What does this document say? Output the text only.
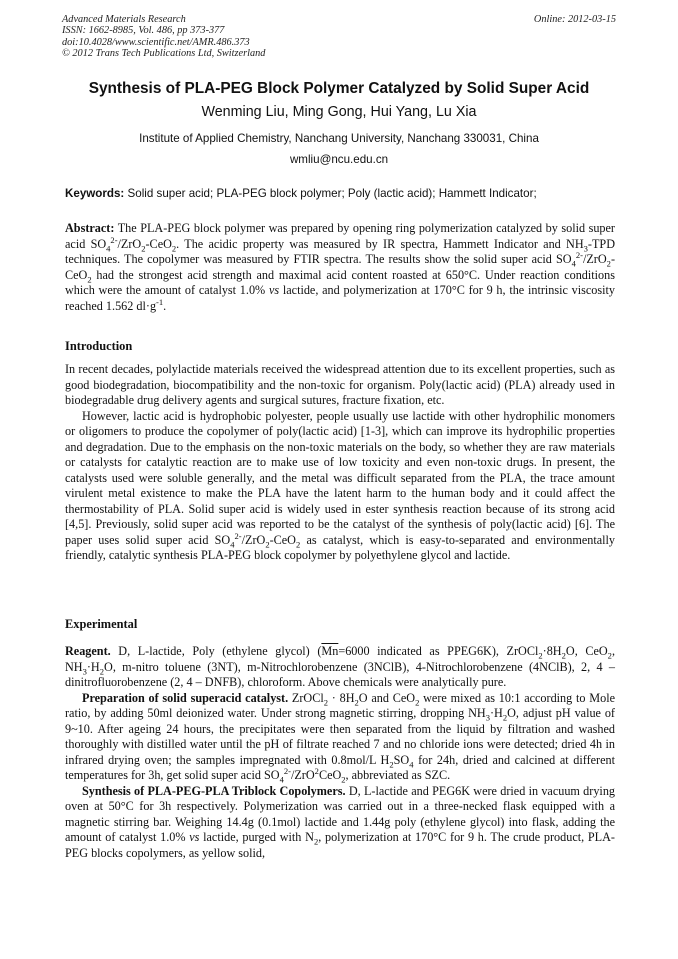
Advanced Materials Research	Online: 2012-03-15
ISSN: 1662-8985, Vol. 486, pp 373-377
doi:10.4028/www.scientific.net/AMR.486.373
© 2012 Trans Tech Publications Ltd, Switzerland
Synthesis of PLA-PEG Block Polymer Catalyzed by Solid Super Acid
Wenming Liu, Ming Gong, Hui Yang, Lu Xia
Institute of Applied Chemistry, Nanchang University, Nanchang 330031, China
wmliu@ncu.edu.cn
Keywords: Solid super acid; PLA-PEG block polymer; Poly (lactic acid); Hammett Indicator;

Abstract: The PLA-PEG block polymer was prepared by opening ring polymerization catalyzed by solid super acid $SO_4^{2-}/ZrO_2-CeO_2$. The acidic property was measured by IR spectra, Hammett Indicator and $NH_3$-TPD techniques. The copolymer was measured by FTIR spectra. The results show the solid super acid $SO_4^{2-}/ZrO_2-CeO_2$ had the strongest acid strength and maximal acid content roasted at 650°C. Under reaction conditions which were the amount of catalyst 1.0% vs lactide, and polymerization at 170°C for 9 h, the intrinsic viscosity reached 1.562 $dl\cdot g^{-1}$.

Introduction

In recent decades, polylactide materials received the widespread attention due to its excellent properties, such as good biodegradation, biocompatibility and the non-toxic for organism. Poly(lactic acid) (PLA) already used in biodegradable drug delivery agents and surgical sutures, fracture fixation, etc.

However, lactic acid is hydrophobic polyester, people usually use lactide with other hydrophilic monomers or oligomers to produce the copolymer of poly(lactic acid) [1-3], which can improve its hydrophilic properties and degradation. Due to the emphasis on the non-toxic materials on the body, so whether they are raw materials or catalysts for catalytic reaction are to make use of low toxicity and even non-toxic drugs. In present, the catalysts used were soluble generally, and the metal was difficult separated from the PLA, the trace amount virulent metal existence to make the PLA have the latent harm to the human body and it could affect the thermostability of PLA. Solid super acid is widely used in ester synthesis reaction because of its strong acid [4,5]. Previously, solid super acid was reported to be the catalyst of the synthesis of poly(lactic acid) [6]. The paper uses solid super acid $SO_4^{2-}/ZrO_2-CeO_2$ as catalyst, which is easy-to-separated and environmentally friendly, catalytic synthesis PLA-PEG block copolymer by polyethylene glycol and lactide.

Experimental

Reagent. D, L-lactide, Poly (ethylene glycol) ($\overline{Mn}=6000$ indicated as PPEG6K), $ZrOCl_2\cdot 8H_2O$, CeO$_2$, $NH_3\cdot H_2O$, m-nitro toluene (3NT), m-Nitrochlorobenzene (3NClB), 4-Nitrochlorobenzene (4NClB), 2, 4 – dinitrofluorobenzene (2, 4 – DNFB), chloroform. Above chemicals were analytically pure.

Preparation of solid superacid catalyst. ZrOCl$_2$ · $8H_2O$ and CeO$_2$ were mixed as 10:1 according to Mole ratio, by adding 50ml deionized water. Under strong magnetic stirring, dropping $NH_3\cdot H_2O$, adjust pH value of 9~10. After ageing 24 hours, the precipitates were then separated from the liquid by filtration and washed thoroughly with distilled water until the pH of filtrate reached 7 and no chloride ions were detected; dried 4h in infrared drying oven; the samples impregnated with 0.8mol/L $H_2SO_4$ for 24h, dried and calcined at different temperatures for 3h, get solid super acid $SO_4^{2-}/ZrO^2CeO_2$, abbreviated as SZC.

Synthesis of PLA-PEG-PLA Triblock Copolymers. D, L-lactide and PEG6K were dried in vacuum drying oven at 50°C for 3h respectively. Polymerization was carried out in a three-necked flask equipped with a magnetic stirring bar. Weighing 14.4g (0.1mol) lactide and 1.44g poly (ethylene glycol) into flask, adding the amount of catalyst 1.0% vs lactide, purged with $N_2$, polymerization at 170°C for 9 h. The crude product, PLA-PEG blocks copolymers, as yellow solid,
